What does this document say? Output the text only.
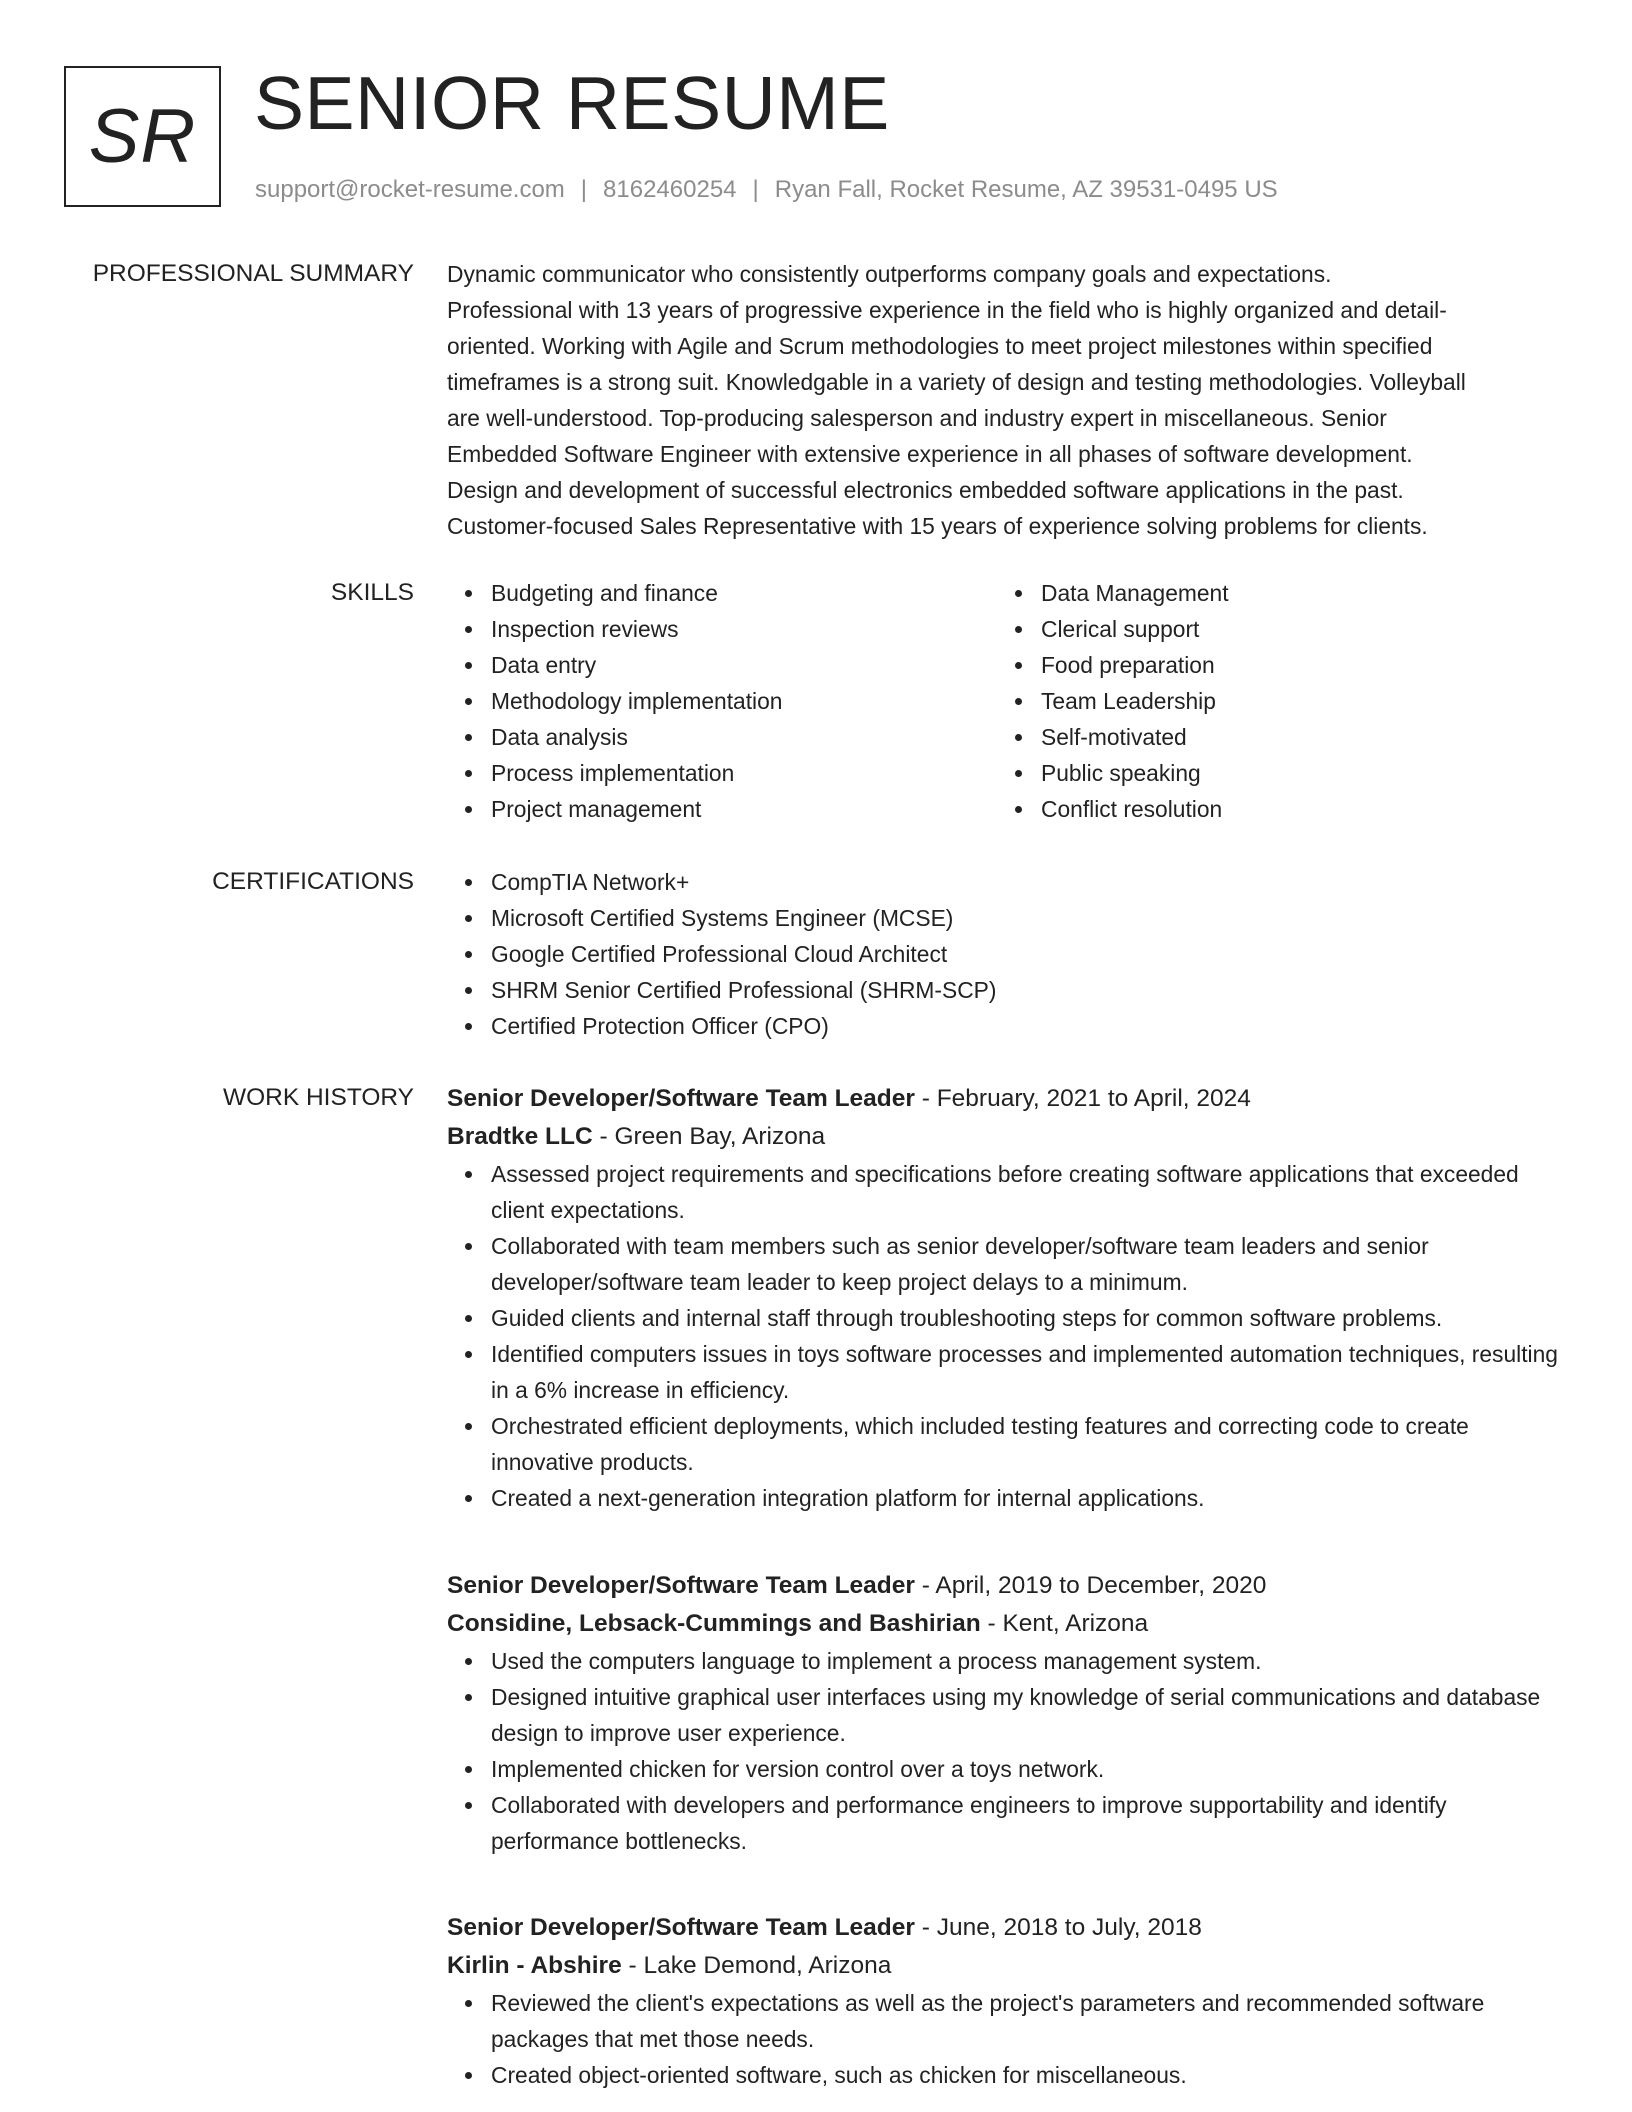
SR SENIOR RESUME
support@rocket-resume.com | 8162460254 | Ryan Fall, Rocket Resume, AZ 39531-0495 US
PROFESSIONAL SUMMARY Dynamic communicator who consistently outperforms company goals and expectations.
Professional with 13 years of progressive experience in the field who is highly organized and detail-
oriented. Working with Agile and Scrum methodologies to meet project milestones within specified
timeframes is a strong suit. Knowledgable in a variety of design and testing methodologies. Volleyball
are well-understood. Top-producing salesperson and industry expert in miscellaneous. Senior
Embedded Software Engineer with extensive experience in all phases of software development.
Design and development of successful electronics embedded software applications in the past.
Customer-focused Sales Representative with 15 years of experience solving problems for clients.
SKILLS	Budgeting and finance
Inspection reviews
Data entry
Methodology implementation
Data analysis
Process implementation
Project management
Data Management
Clerical support
Food preparation
Team Leadership
Self-motivated
Public speaking
Conflict resolution
CERTIFICATIONS	CompTIA Network+
Microsoft Certified Systems Engineer (MCSE)
Google Certified Professional Cloud Architect
SHRM Senior Certified Professional (SHRM-SCP)
Certified Protection Officer (CPO)
WORK HISTORY Senior Developer/Software Team Leader - February, 2021 to April, 2024
Bradtke LLC - Green Bay, Arizona
Assessed project requirements and specifications before creating software applications that exceeded client expectations.
Collaborated with team members such as senior developer/software team leaders and senior developer/software team leader to keep project delays to a minimum.
Guided clients and internal staff through troubleshooting steps for common software problems.
Identified computers issues in toys software processes and implemented automation techniques, resulting in a 6% increase in efficiency.
Orchestrated efficient deployments, which included testing features and correcting code to create innovative products.
Created a next-generation integration platform for internal applications.
Senior Developer/Software Team Leader - April, 2019 to December, 2020
Considine, Lebsack-Cummings and Bashirian - Kent, Arizona
Used the computers language to implement a process management system.
Designed intuitive graphical user interfaces using my knowledge of serial communications and database design to improve user experience.
Implemented chicken for version control over a toys network.
Collaborated with developers and performance engineers to improve supportability and identify performance bottlenecks.
Senior Developer/Software Team Leader - June, 2018 to July, 2018
Kirlin - Abshire - Lake Demond, Arizona
Reviewed the client's expectations as well as the project's parameters and recommended software packages that met those needs.
Created object-oriented software, such as chicken for miscellaneous.
